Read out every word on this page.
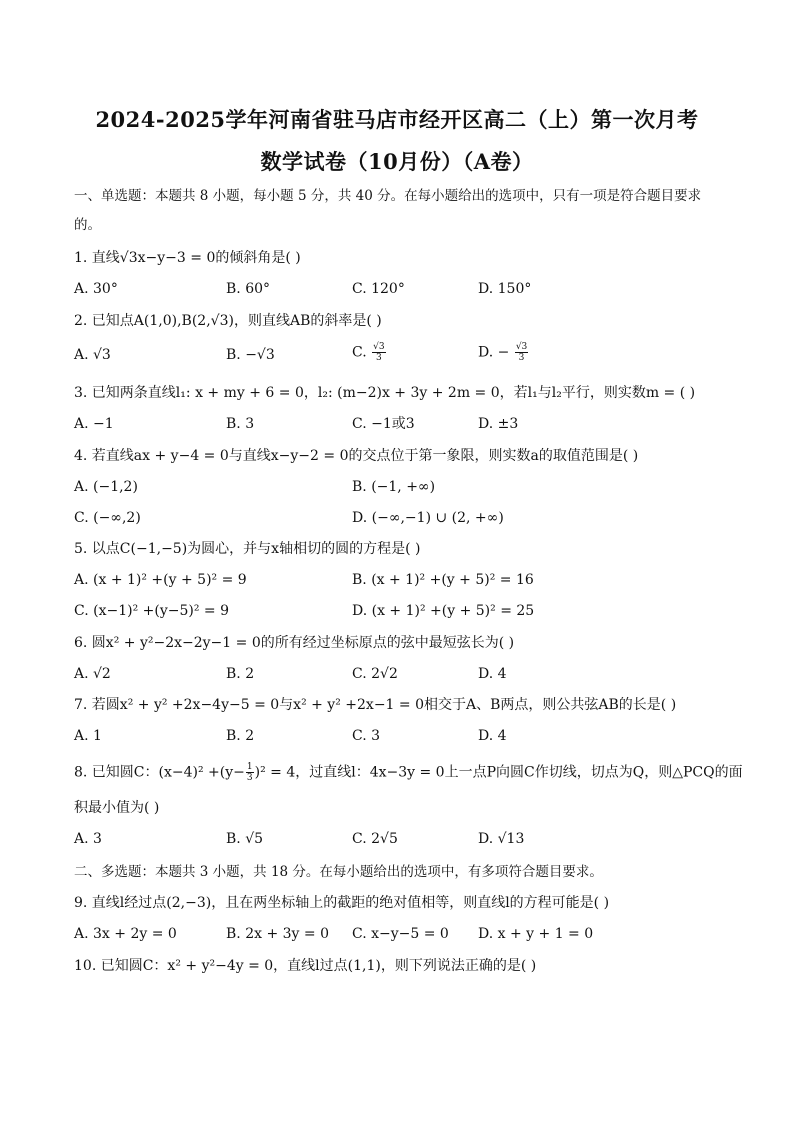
2024-2025学年河南省驻马店市经开区高二（上）第一次月考
数学试卷（10月份）（A卷）
一、单选题：本题共 8 小题，每小题 5 分，共 40 分。在每小题给出的选项中，只有一项是符合题目要求
的。
1. 直线√3x−y−3 = 0的倾斜角是( )
A. 30°	B. 60°	C. 120°	D. 150°
2. 已知点A(1,0),B(2,√3)，则直线AB的斜率是( )
A. √3	B. −√3	C. $\frac{√3}{3}$	D. − $\frac{√3}{3}$
3. 已知两条直线l₁: x + my + 6 = 0，l₂: (m−2)x + 3y + 2m = 0，若l₁与l₂平行，则实数m = ( )
A. −1	B. 3	C. −1或3	D. ±3
4. 若直线ax + y−4 = 0与直线x−y−2 = 0的交点位于第一象限，则实数a的取值范围是( )
A. (−1,2)	B. (−1, +∞)
C. (−∞,2)	D. (−∞,−1) ∪ (2, +∞)
5. 以点C(−1,−5)为圆心，并与x轴相切的圆的方程是( )
A. (x + 1)² +(y + 5)² = 9	B. (x + 1)² +(y + 5)² = 16
C. (x−1)² +(y−5)² = 9	D. (x + 1)² +(y + 5)² = 25
6. 圆x² + y²−2x−2y−1 = 0的所有经过坐标原点的弦中最短弦长为( )
A. √2	B. 2	C. 2√2	D. 4
7. 若圆x² + y² +2x−4y−5 = 0与x² + y² +2x−1 = 0相交于A、B两点，则公共弦AB的长是( )
A. 1	B. 2	C. 3	D. 4
8. 已知圆C：$(x-4)^2 +(y- \frac{1}{3} )^2 = 4$，过直线l：4x−3y = 0上一点P向圆C作切线，切点为Q，则△PCQ的面
积最小值为( )
A. 3	B. √5	C. 2√5	D. √13
二、多选题：本题共 3 小题，共 18 分。在每小题给出的选项中，有多项符合题目要求。
9. 直线l经过点(2,−3)，且在两坐标轴上的截距的绝对值相等，则直线l的方程可能是( )
A. 3x + 2y = 0	B. 2x + 3y = 0 C. x−y−5 = 0 D. x + y + 1 = 0
10. 已知圆C：x² + y²−4y = 0，直线l过点(1,1)，则下列说法正确的是( )
